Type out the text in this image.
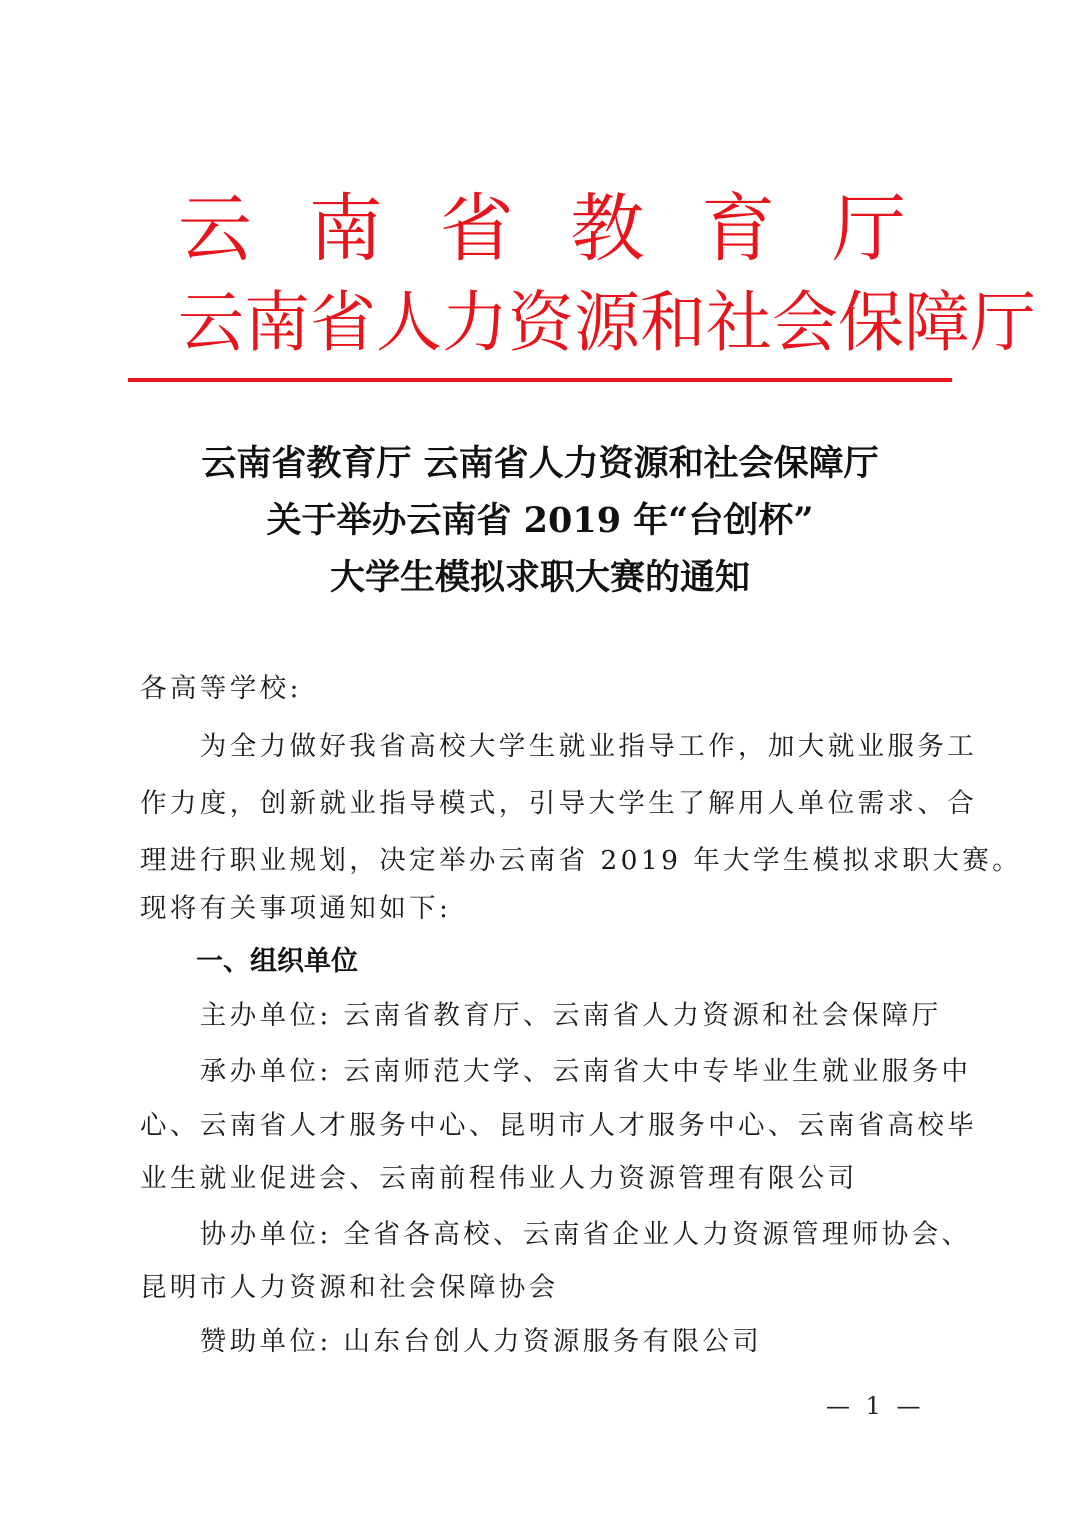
云 南 省 教 育 厅
云 南 省 人 力 资 源 和 社 会 保 障 厅
云南省教育厅 云南省人力资源和社会保障厅
关于举办云南省 2019 年“台创杯”
大学生模拟求职大赛的通知
各高等学校:
　　为全力做好我省高校大学生就业指导工作，加大就业服务工
作力度，创新就业指导模式，引导大学生了解用人单位需求、合
理进行职业规划，决定举办云南省 2019 年大学生模拟求职大赛。
现将有关事项通知如下:
一、组织单位
　　主办单位: 云南省教育厅、云南省人力资源和社会保障厅
　　承办单位: 云南师范大学、云南省大中专毕业生就业服务中
心、云南省人才服务中心、昆明市人才服务中心、云南省高校毕
业生就业促进会、云南前程伟业人力资源管理有限公司
　　协办单位: 全省各高校、云南省企业人力资源管理师协会、
昆明市人力资源和社会保障协会
　　赞助单位: 山东台创人力资源服务有限公司
— 1 —
